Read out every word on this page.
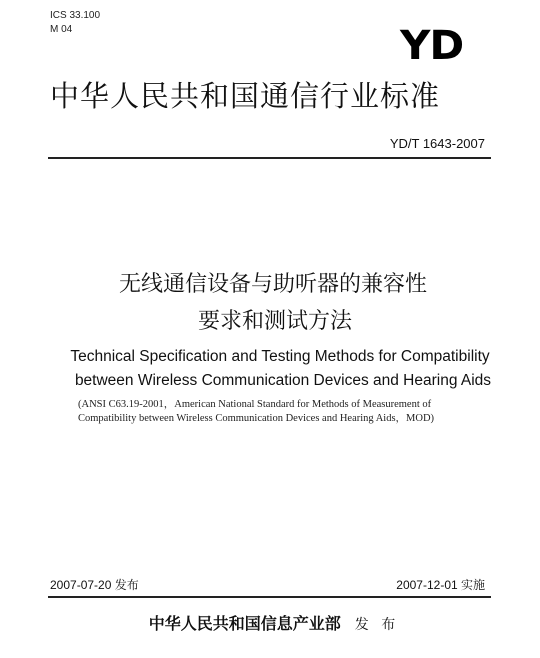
ICS 33.100
M 04	YD
中华人民共和国通信行业标准
YD/T 1643-2007
无线通信设备与助听器的兼容性
要求和测试方法
Technical Specification and Testing Methods for Compatibility
between Wireless Communication Devices and Hearing Aids
(ANSI C63.19-2001，American National Standard for Methods of Measurement of
Compatibility between Wireless Communication Devices and Hearing Aids，MOD)
2007-07-20 发布	2007-12-01 实施
中华人民共和国信息产业部 发 布
